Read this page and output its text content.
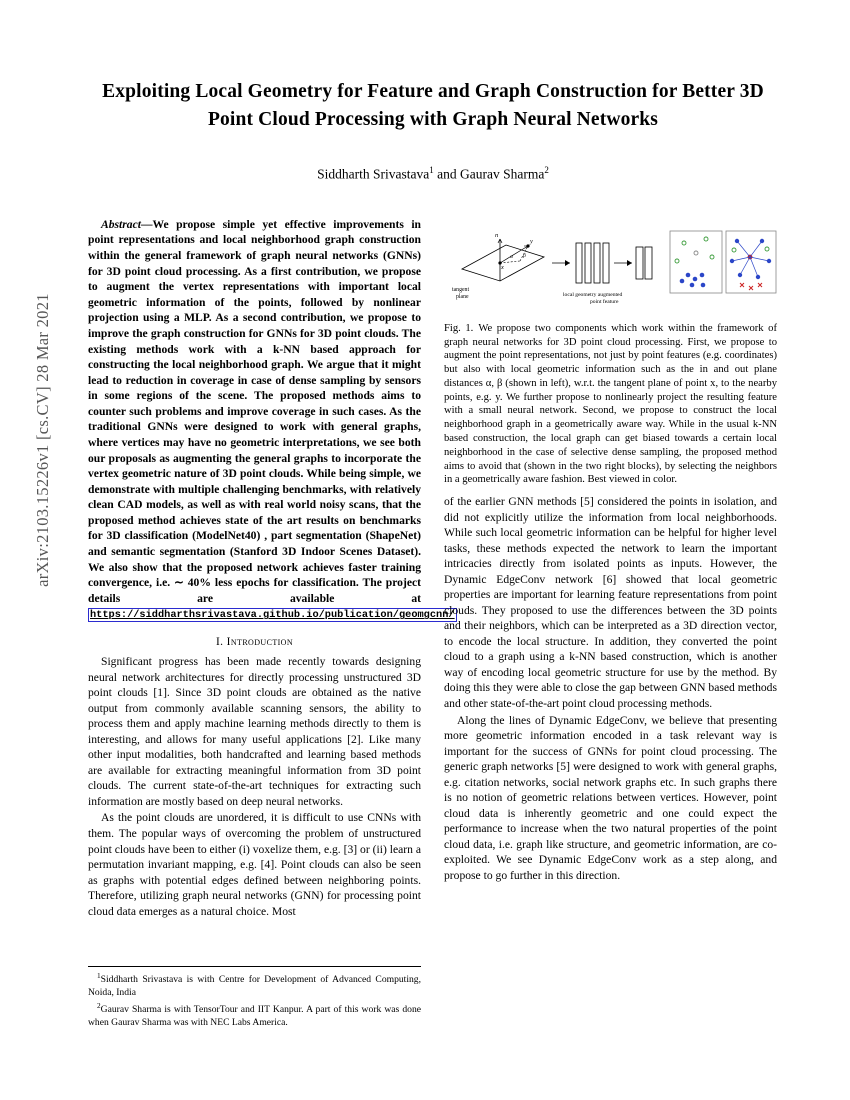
arXiv:2103.15226v1 [cs.CV] 28 Mar 2021
Exploiting Local Geometry for Feature and Graph Construction for Better 3D Point Cloud Processing with Graph Neural Networks
Siddharth Srivastava$^1$ and Gaurav Sharma$^2$
Abstract—We propose simple yet effective improvements in point representations and local neighborhood graph construction within the general framework of graph neural networks (GNNs) for 3D point cloud processing. As a first contribution, we propose to augment the vertex representations with important local geometric information of the points, followed by nonlinear projection using a MLP. As a second contribution, we propose to improve the graph construction for GNNs for 3D point clouds. The existing methods work with a k-NN based approach for constructing the local neighborhood graph. We argue that it might lead to reduction in coverage in case of dense sampling by sensors in some regions of the scene. The proposed methods aims to counter such problems and improve coverage in such cases. As the traditional GNNs were designed to work with general graphs, where vertices may have no geometric interpretations, we see both our proposals as augmenting the general graphs to incorporate the vertex geometric nature of 3D point clouds. While being simple, we demonstrate with multiple challenging benchmarks, with relatively clean CAD models, as well as with real world noisy scans, that the proposed method achieves state of the art results on benchmarks for 3D classification (ModelNet40) , part segmentation (ShapeNet) and semantic segmentation (Stanford 3D Indoor Scenes Dataset). We also show that the proposed network achieves faster training convergence, i.e. ∼ 40% less epochs for classification. The project details are available at https://siddharthsrivastava.github.io/publication/geomgcnn/
I. Introduction

Significant progress has been made recently towards designing neural network architectures for directly processing unstructured 3D point clouds [1]. Since 3D point clouds are obtained as the native output from commonly available scanning sensors, the ability to process them and apply machine learning methods directly to them is interesting, and allows for many useful applications [2]. Like many other input modalities, both handcrafted and learning based methods are available for extracting meaningful information from 3D point clouds. The current state-of-the-art techniques for extracting such information are mostly based on deep neural networks.

As the point clouds are unordered, it is difficult to use CNNs with them. The popular ways of overcoming the problem of unstructured point clouds have been to either (i) voxelize them, e.g. [3] or (ii) learn a permutation invariant mapping, e.g. [4]. Point clouds can also be seen as graphs with potential edges defined between neighboring points. Therefore, utilizing graph neural networks (GNN) for processing point cloud data emerges as a natural choice. Most

n
y
x
α β
tangent
plane	local geometry augmented
point feature
Fig. 1. We propose two components which work within the framework of graph neural networks for 3D point cloud processing. First, we propose to augment the point representations, not just by point features (e.g. coordinates) but also with local geometric information such as the in and out plane distances α, β (shown in left), w.r.t. the tangent plane of point x, to the nearby points, e.g. y. We further propose to nonlinearly project the resulting feature with a small neural network. Second, we propose to construct the local neighborhood graph in a geometrically aware way. While in the usual k-NN based construction, the local graph can get biased towards a certain local neighborhood in the case of selective dense sampling, the proposed method aims to avoid that (shown in the two right blocks), by selecting the neighbors in a geometrically aware fashion. Best viewed in color.

of the earlier GNN methods [5] considered the points in isolation, and did not explicitly utilize the information from local neighborhoods. While such local geometric information can be helpful for higher level tasks, these methods expected the network to learn the important intricacies directly from isolated points as inputs. However, the Dynamic EdgeConv network [6] showed that local geometric properties are important for learning feature representations from point clouds. They proposed to use the differences between the 3D points and their neighbors, which can be interpreted as a 3D direction vector, to encode the local structure. In addition, they converted the point cloud to a graph using a k-NN based construction, which is another way of encoding local geometric structure for use by the method. By doing this they were able to close the gap between GNN based methods and other state-of-the-art point cloud processing methods.

Along the lines of Dynamic EdgeConv, we believe that presenting more geometric information encoded in a task relevant way is important for the success of GNNs for point cloud processing. The generic graph networks [5] were designed to work with general graphs, e.g. citation networks, social network graphs etc. In such graphs there is no notion of geometric relations between vertices. However, point cloud data is inherently geometric and one could expect the performance to increase when the two natural properties of the point cloud data, i.e. graph like structure, and geometric information, are co-exploited. We see Dynamic EdgeConv work as a step along, and propose to go further in this direction.

$^1$Siddharth Srivastava is with Centre for Development of Advanced Computing, Noida, India

$^2$Gaurav Sharma is with TensorTour and IIT Kanpur. A part of this work was done when Gaurav Sharma was with NEC Labs America.
